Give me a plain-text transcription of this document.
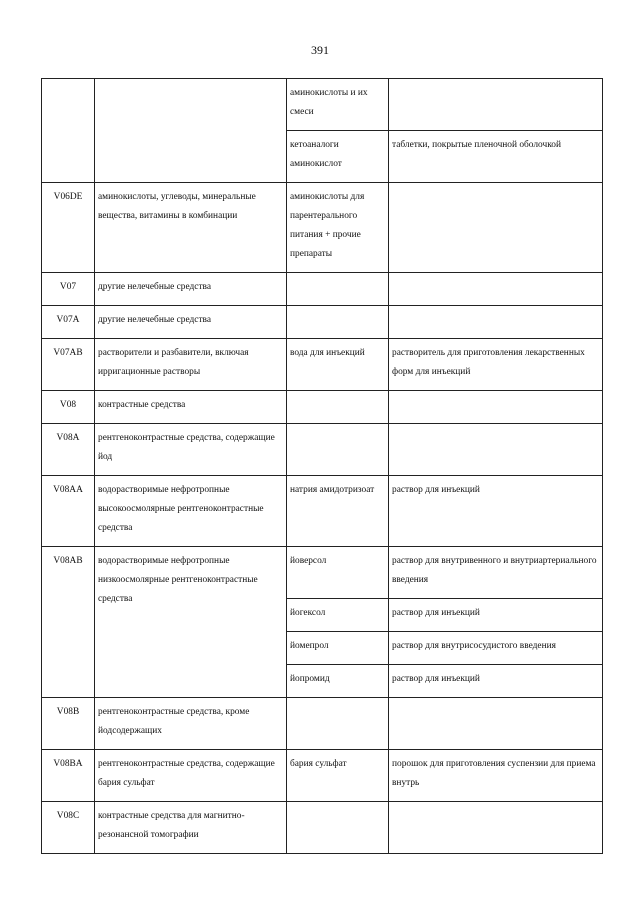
391
		аминокислоты и их смеси	
		кетоаналоги аминокислот	таблетки, покрытые пленочной оболочкой
V06DE	аминокислоты, углеводы, минеральные вещества, витамины в комбинации	аминокислоты для парентерального питания + прочие препараты	
V07	другие нелечебные средства		
V07A	другие нелечебные средства		
V07AB	растворители и разбавители, включая ирригационные растворы	вода для инъекций	растворитель для приготовления лекарственных форм для инъекций
V08	контрастные средства		
V08A	рентгеноконтрастные средства, содержащие йод		
V08AA	водорастворимые нефротропные высокоосмолярные рентгеноконтрастные средства	натрия амидотризоат	раствор для инъекций
V08AB	водорастворимые нефротропные низкоосмолярные рентгеноконтрастные средства	йоверсол	раствор для внутривенного и внутриартериального введения
		йогексол	раствор для инъекций
		йомепрол	раствор для внутрисосудистого введения
		йопромид	раствор для инъекций
V08B	рентгеноконтрастные средства, кроме йодсодержащих		
V08BA	рентгеноконтрастные средства, содержащие бария сульфат	бария сульфат	порошок для приготовления суспензии для приема внутрь
V08C	контрастные средства для магнитно-резонансной томографии		
